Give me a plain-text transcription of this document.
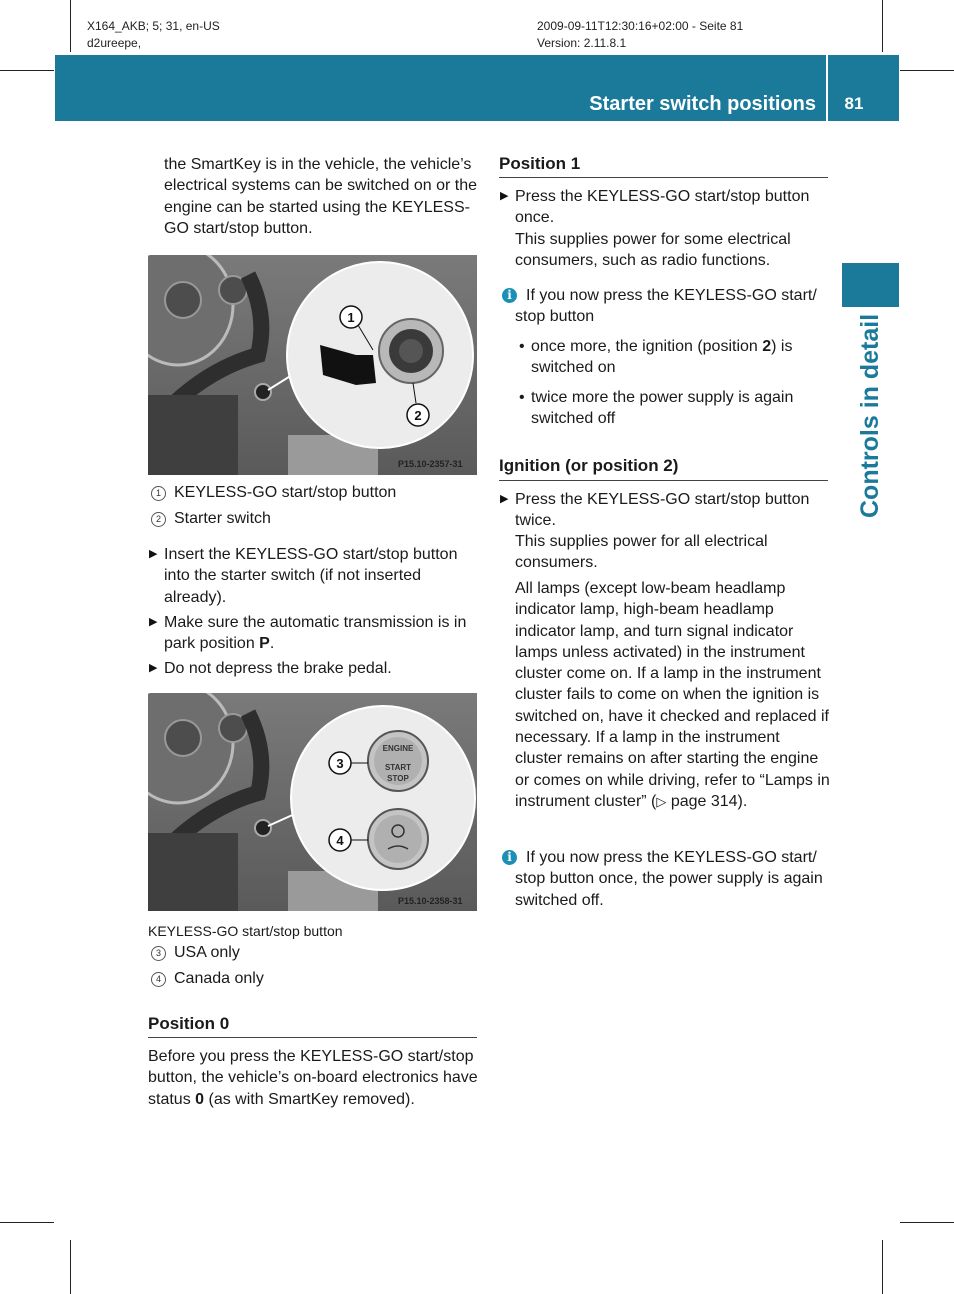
X164_AKB; 5; 31, en-US
d2ureepe,
2009-09-11T12:30:16+02:00 - Seite 81
Version: 2.11.8.1
Starter switch positions	81
Controls in detail
the SmartKey is in the vehicle, the vehicle’s electrical systems can be switched on or the engine can be started using the KEYLESS-GO start/stop button.
1
2
P15.10-2357-31
1 KEYLESS-GO start/stop button
2 Starter switch
▶ Insert the KEYLESS-GO start/stop button into the starter switch (if not inserted already).
▶ Make sure the automatic transmission is in park position P.
▶ Do not depress the brake pedal.
ENGINE
START
STOP
3
4
P15.10-2358-31
KEYLESS-GO start/stop button
3 USA only
4 Canada only
Position 0
Before you press the KEYLESS-GO start/stop button, the vehicle’s on-board electronics have status 0 (as with SmartKey removed).
Position 1
▶ Press the KEYLESS-GO start/stop button once.
This supplies power for some electrical consumers, such as radio functions.
i If you now press the KEYLESS-GO start/ stop button
• once more, the ignition (position 2) is switched on
• twice more the power supply is again switched off
Ignition (or position 2)
▶ Press the KEYLESS-GO start/stop button twice.
This supplies power for all electrical consumers.
All lamps (except low-beam headlamp indicator lamp, high-beam headlamp indicator lamp, and turn signal indicator lamps unless activated) in the instrument cluster come on. If a lamp in the instrument cluster fails to come on when the ignition is switched on, have it checked and replaced if necessary. If a lamp in the instrument cluster remains on after starting the engine or comes on while driving, refer to “Lamps in instrument cluster” (▷ page 314).
i If you now press the KEYLESS-GO start/ stop button once, the power supply is again switched off.
